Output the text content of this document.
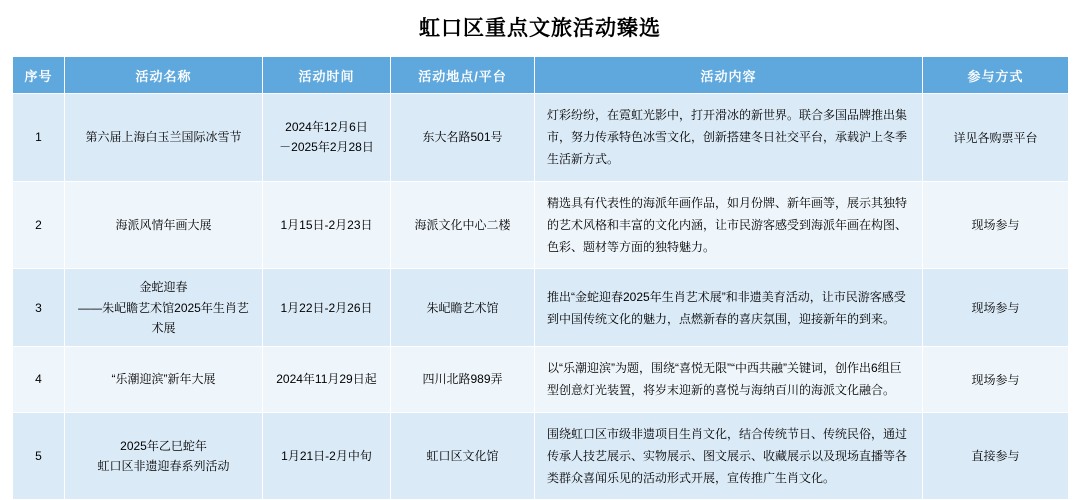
虹口区重点文旅活动臻选
序号	活动名称	活动时间	活动地点/平台	活动内容	参与方式
1	第六届上海白玉兰国际冰雪节	2024年12月6日
－2025年2月28日	东大名路501号	灯彩纷纷，在霓虹光影中，打开滑冰的新世界。联合多国品牌推出集市，努力传承特色冰雪文化，创新搭建冬日社交平台，承载沪上冬季生活新方式。	详见各购票平台
2	海派风情年画大展	1月15日-2月23日	海派文化中心二楼	精选具有代表性的海派年画作品，如月份牌、新年画等，展示其独特的艺术风格和丰富的文化内涵，让市民游客感受到海派年画在构图、色彩、题材等方面的独特魅力。	现场参与
3	金蛇迎春
——朱屺瞻艺术馆2025年生肖艺术展	1月22日-2月26日	朱屺瞻艺术馆	推出“金蛇迎春2025年生肖艺术展”和非遗美育活动，让市民游客感受到中国传统文化的魅力，点燃新春的喜庆氛围，迎接新年的到来。	现场参与
4	“乐潮迎滨”新年大展	2024年11月29日起	四川北路989弄	以“乐潮迎滨”为题，围绕“喜悦无限”“中西共融”关键词，创作出6组巨型创意灯光装置，将岁末迎新的喜悦与海纳百川的海派文化融合。	现场参与
5	2025年乙巳蛇年
虹口区非遗迎春系列活动	1月21日-2月中旬	虹口区文化馆	围绕虹口区市级非遗项目生肖文化，结合传统节日、传统民俗，通过传承人技艺展示、实物展示、图文展示、收藏展示以及现场直播等各类群众喜闻乐见的活动形式开展，宣传推广生肖文化。	直接参与
